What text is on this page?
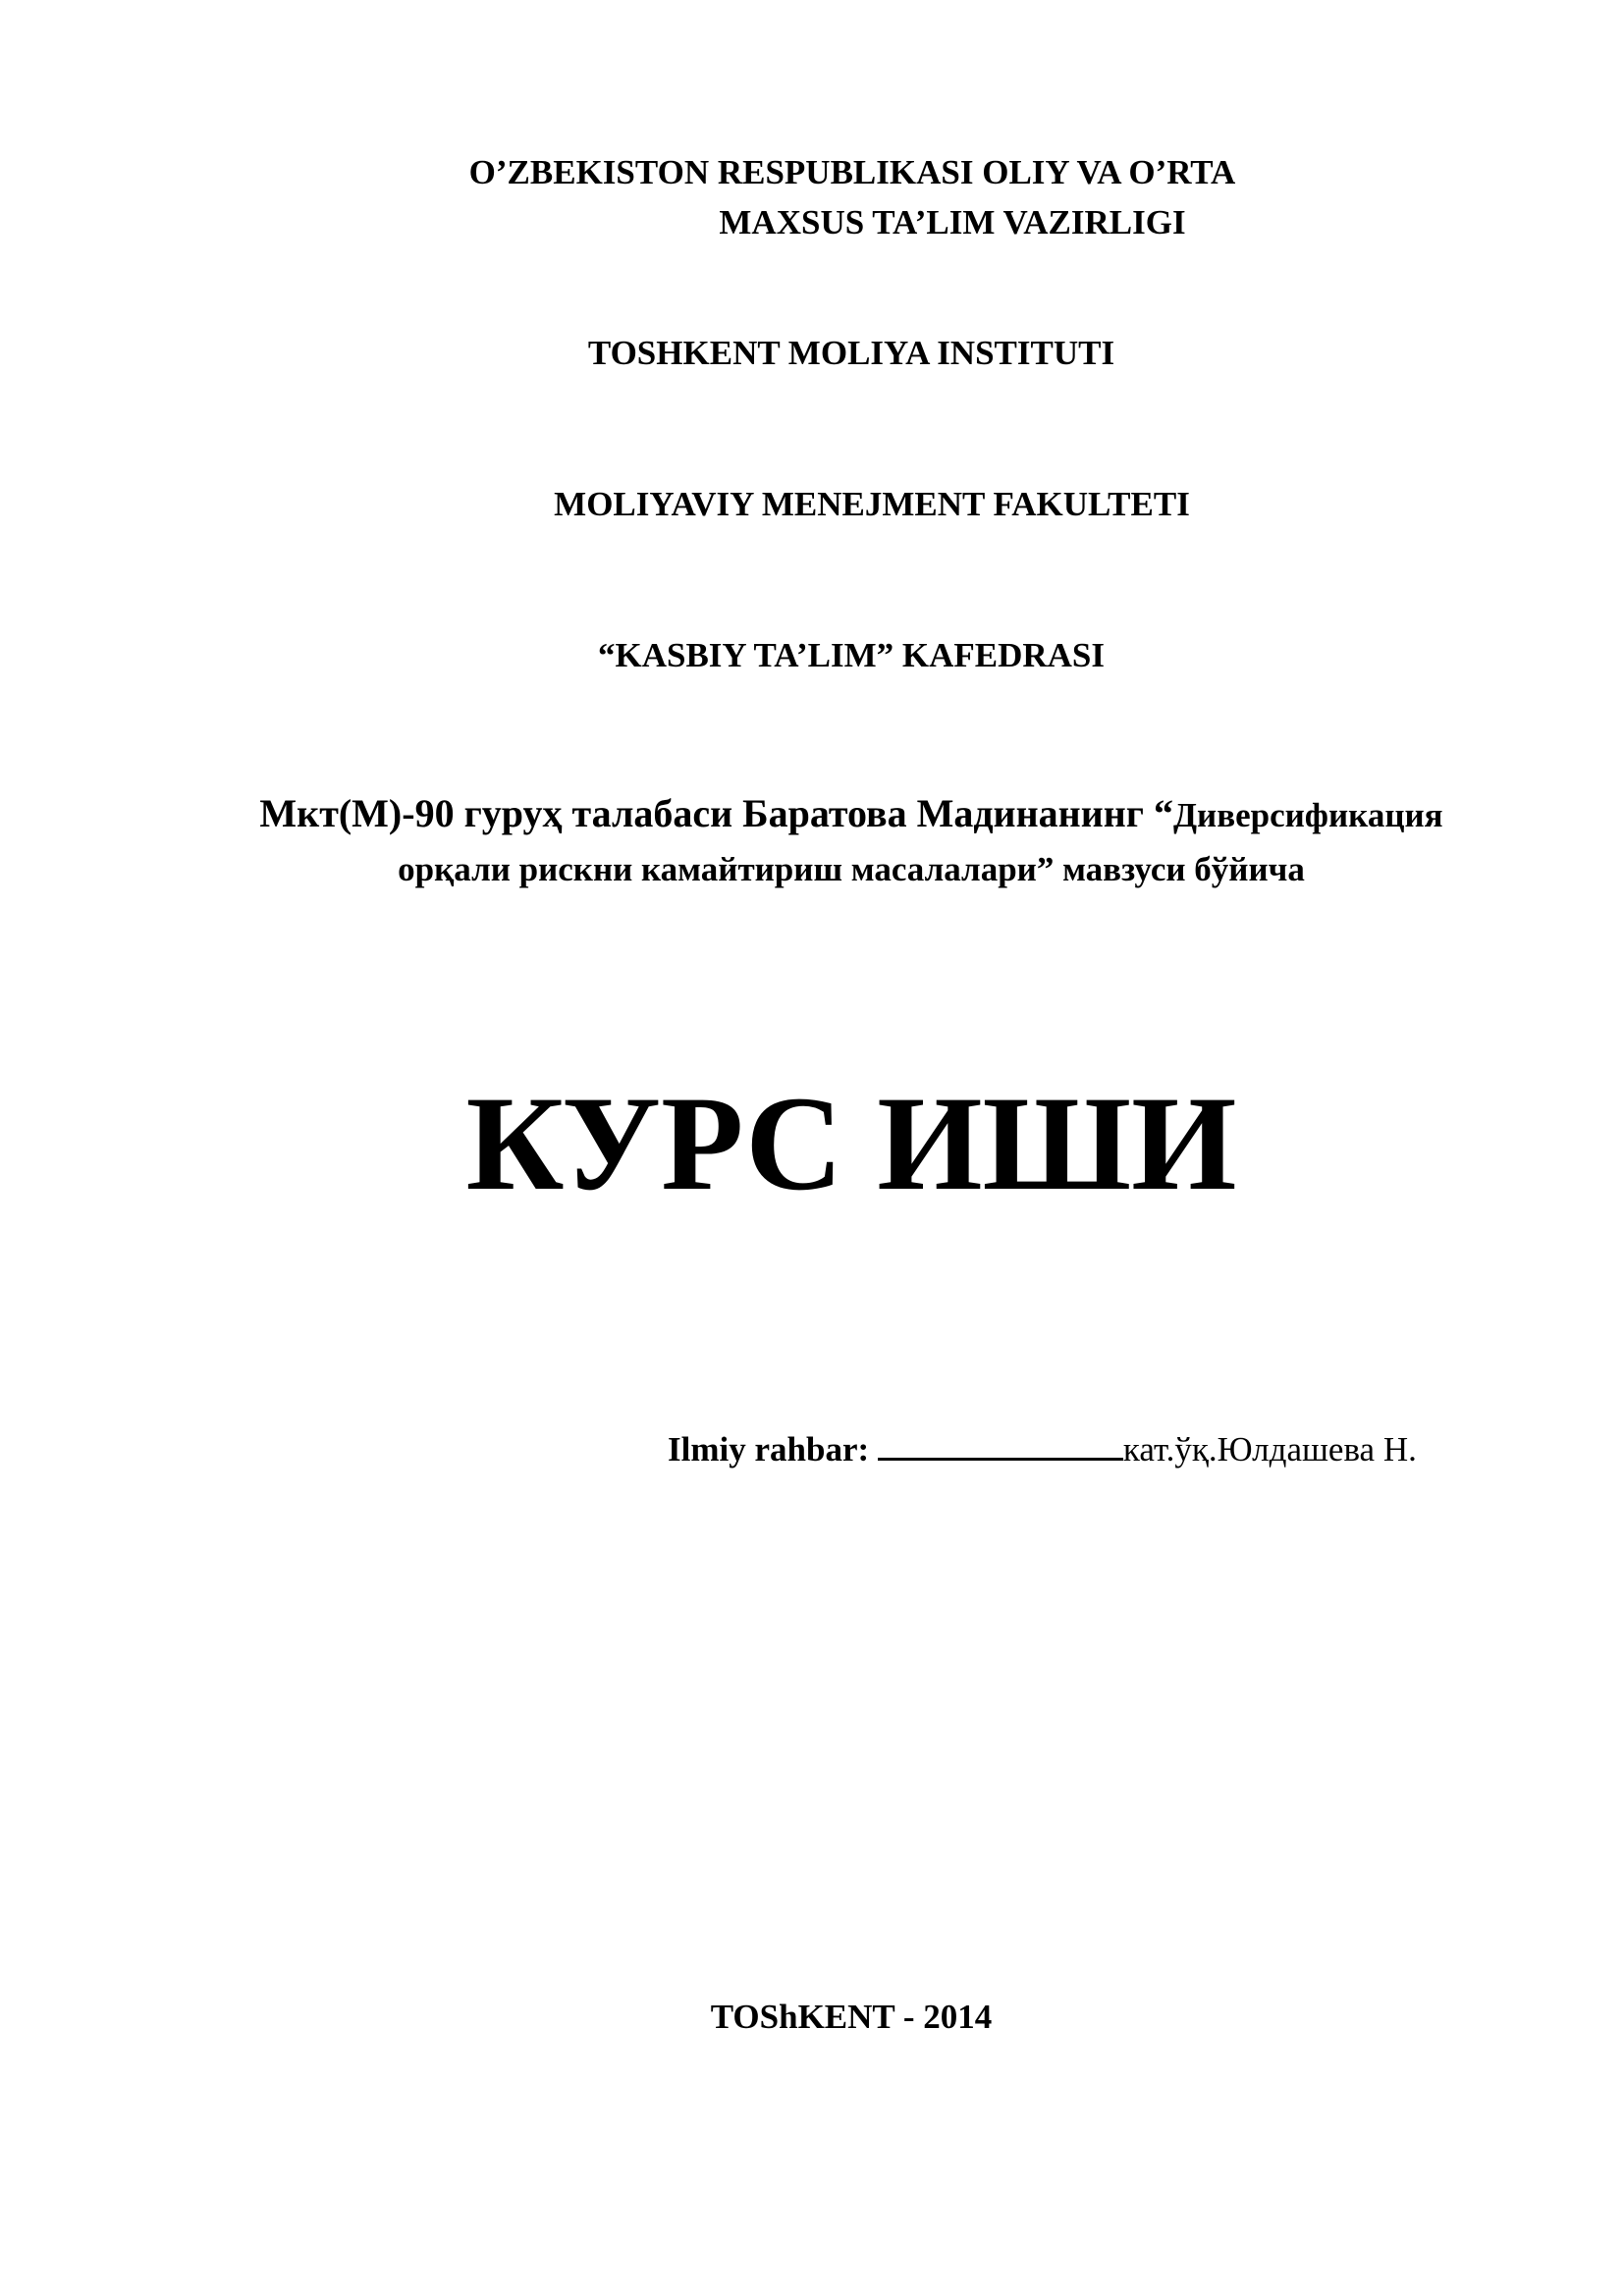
O’ZBEKISTON RESPUBLIKASI OLIY VA O’RTA
MAXSUS TA’LIM VAZIRLIGI
TOSHKENT MOLIYA INSTITUTI
MOLIYAVIY MENEJMENT FAKULTETI
“KASBIY TA’LIM” KAFEDRASI
Мкт(М)-90 гуруҳ талабаси Баратова Мадинанинг “Диверсификация
орқали рискни камайтириш масалалари” мавзуси бўйича
КУРС ИШИ
Ilmiy rahbar:	кат.ўқ.Юлдашева Н.
TOShKENT - 2014
